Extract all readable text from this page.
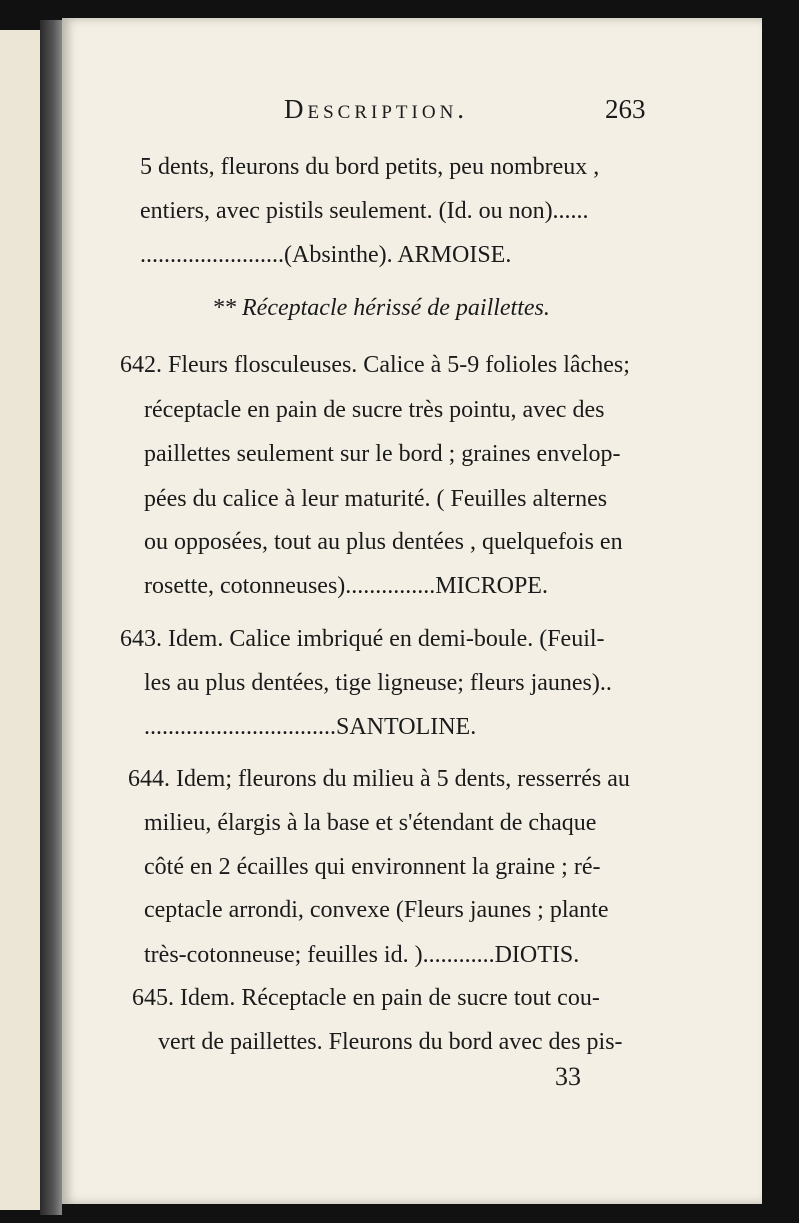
Description.	263
5 dents, fleurons du bord petits, peu nombreux ,
entiers, avec pistils seulement. (Id. ou non)......
........................(Absinthe). ARMOISE.
** Réceptacle hérissé de paillettes.
642. Fleurs flosculeuses. Calice à 5-9 folioles lâches;
réceptacle en pain de sucre très pointu, avec des
paillettes seulement sur le bord ; graines envelop-
pées du calice à leur maturité. ( Feuilles alternes
ou opposées, tout au plus dentées , quelquefois en
rosette, cotonneuses)...............MICROPE.
643. Idem. Calice imbriqué en demi-boule. (Feuil-
les au plus dentées, tige ligneuse; fleurs jaunes)..
................................SANTOLINE.
644. Idem; fleurons du milieu à 5 dents, resserrés au
milieu, élargis à la base et s'étendant de chaque
côté en 2 écailles qui environnent la graine ; ré-
ceptacle arrondi, convexe (Fleurs jaunes ; plante
très-cotonneuse; feuilles id. )............DIOTIS.
645. Idem. Réceptacle en pain de sucre tout cou-
vert de paillettes. Fleurons du bord avec des pis-
33
